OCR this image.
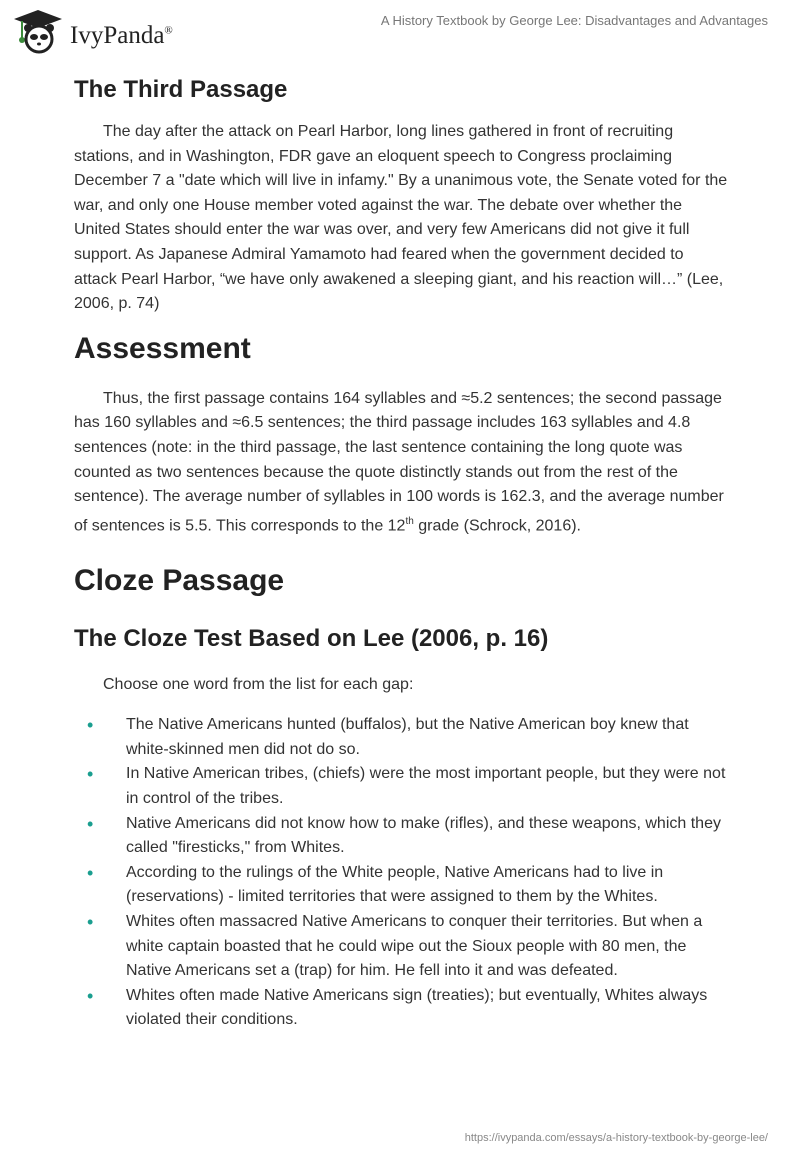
IvyPanda®
A History Textbook by George Lee: Disadvantages and Advantages
The Third Passage

The day after the attack on Pearl Harbor, long lines gathered in front of recruiting stations, and in Washington, FDR gave an eloquent speech to Congress proclaiming December 7 a "date which will live in infamy." By a unanimous vote, the Senate voted for the war, and only one House member voted against the war. The debate over whether the United States should enter the war was over, and very few Americans did not give it full support. As Japanese Admiral Yamamoto had feared when the government decided to attack Pearl Harbor, “we have only awakened a sleeping giant, and his reaction will…” (Lee, 2006, p. 74)

Assessment

Thus, the first passage contains 164 syllables and ≈5.2 sentences; the second passage has 160 syllables and ≈6.5 sentences; the third passage includes 163 syllables and 4.8 sentences (note: in the third passage, the last sentence containing the long quote was counted as two sentences because the quote distinctly stands out from the rest of the sentence). The average number of syllables in 100 words is 162.3, and the average number of sentences is 5.5. This corresponds to the 12th grade (Schrock, 2016).

Cloze Passage
The Cloze Test Based on Lee (2006, p. 16)

Choose one word from the list for each gap:

• The Native Americans hunted (buffalos), but the Native American boy knew that white-skinned men did not do so.
• In Native American tribes, (chiefs) were the most important people, but they were not in control of the tribes.
• Native Americans did not know how to make (rifles), and these weapons, which they called "firesticks," from Whites.
• According to the rulings of the White people, Native Americans had to live in (reservations) - limited territories that were assigned to them by the Whites.
• Whites often massacred Native Americans to conquer their territories. But when a white captain boasted that he could wipe out the Sioux people with 80 men, the Native Americans set a (trap) for him. He fell into it and was defeated.
• Whites often made Native Americans sign (treaties); but eventually, Whites always violated their conditions.
https://ivypanda.com/essays/a-history-textbook-by-george-lee/
